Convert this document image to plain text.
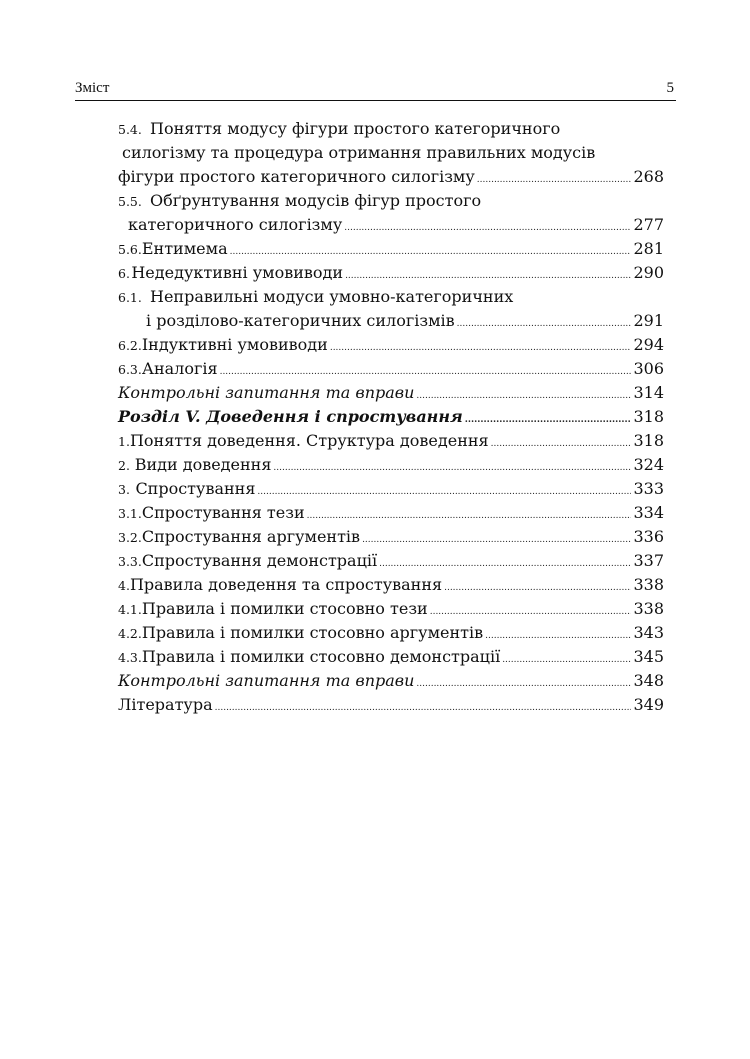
Зміст	5
5.4. Поняття модусу фігури простого категоричного
силогізму та процедура отримання правильних модусів
фігури простого категоричного силогізму .....	268
5.5. Обґрунтування модусів фігур простого
категоричного силогізму .....	277
5.6. Ентимема .....	281
6. Недедуктивні умовиводи .....	290
6.1. Неправильні модуси умовно-категоричних
і розділово-категоричних силогізмів .....	291
6.2. Індуктивні умовиводи .....	294
6.3. Аналогія .....	306
Контрольні запитання та вправи .....	314
Розділ V. Доведення і спростування .....	318
1. Поняття доведення. Структура доведення .....	318
2. Види доведення .....	324
3. Спростування .....	333
3.1. Спростування тези .....	334
3.2. Спростування аргументів .....	336
3.3. Спростування демонстрації .....	337
4. Правила доведення та спростування .....	338
4.1. Правила і помилки стосовно тези .....	338
4.2. Правила і помилки стосовно аргументів .....	343
4.3. Правила і помилки стосовно демонстрації .....	345
Контрольні запитання та вправи .....	348
Література .....	349
